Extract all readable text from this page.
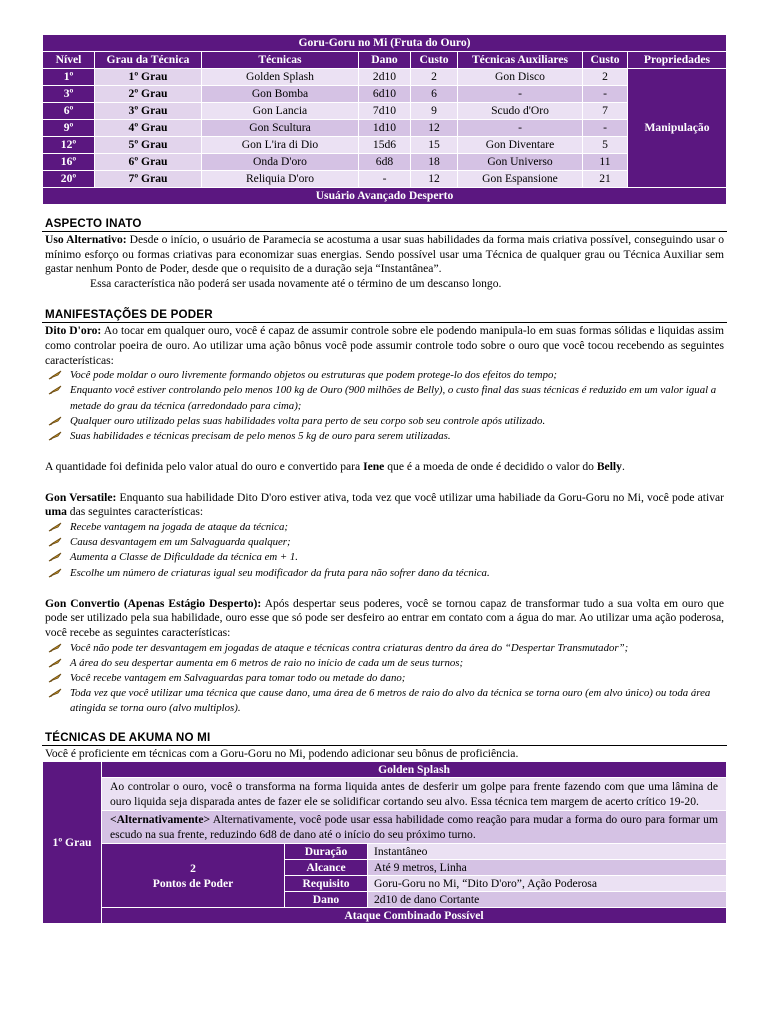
Goru-Goru no Mi (Fruta do Ouro)							
Nível	Grau da Técnica	Técnicas	Dano	Custo	Técnicas Auxiliares	Custo	Propriedades
1º	1º Grau	Golden Splash	2d10	2	Gon Disco	2	Manipulação
3º	2º Grau	Gon Bomba	6d10	6	-	-	
6º	3º Grau	Gon Lancia	7d10	9	Scudo d'Oro	7	
9º	4º Grau	Gon Scultura	1d10	12	-	-	
12º	5º Grau	Gon L'ira di Dio	15d6	15	Gon Diventare	5	
16º	6º Grau	Onda D'oro	6d8	18	Gon Universo	11	
20º	7º Grau	Reliquia D'oro	-	12	Gon Espansione	21	
Usuário Avançado Desperto							
ASPECTO INATO

Uso Alternativo: Desde o início, o usuário de Paramecia se acostuma a usar suas habilidades da forma mais criativa possível, conseguindo usar o mínimo esforço ou formas criativas para economizar suas energias. Sendo possível usar uma Técnica de qualquer grau ou Técnica Auxiliar sem gastar nenhum Ponto de Poder, desde que o requisito de a duração seja “Instantânea”.

Essa característica não poderá ser usada novamente até o término de um descanso longo.

MANIFESTAÇÕES DE PODER

Dito D'oro: Ao tocar em qualquer ouro, você é capaz de assumir controle sobre ele podendo manipula-lo em suas formas sólidas e liquidas assim como controlar poeira de ouro. Ao utilizar uma ação bônus você pode assumir controle todo sobre o ouro que você tocou recebendo as seguintes características:

Você pode moldar o ouro livremente formando objetos ou estruturas que podem protege-lo dos efeitos do tempo;
Enquanto você estiver controlando pelo menos 100 kg de Ouro (900 milhões de Belly), o custo final das suas técnicas é reduzido em um valor igual a metade do grau da técnica (arredondado para cima);
Qualquer ouro utilizado pelas suas habilidades volta para perto de seu corpo sob seu controle após utilizado.
Suas habilidades e técnicas precisam de pelo menos 5 kg de ouro para serem utilizadas.

A quantidade foi definida pelo valor atual do ouro e convertido para Iene que é a moeda de onde é decidido o valor do Belly.

Gon Versatile: Enquanto sua habilidade Dito D'oro estiver ativa, toda vez que você utilizar uma habiliade da Goru-Goru no Mi, você pode ativar uma das seguintes características:

Recebe vantagem na jogada de ataque da técnica;
Causa desvantagem em um Salvaguarda qualquer;
Aumenta a Classe de Dificuldade da técnica em + 1.
Escolhe um número de criaturas igual seu modificador da fruta para não sofrer dano da técnica.

Gon Convertio (Apenas Estágio Desperto): Após despertar seus poderes, você se tornou capaz de transformar tudo a sua volta em ouro que pode ser utilizado pela sua habilidade, ouro esse que só pode ser desfeiro ao entrar em contato com a água do mar. Ao utilizar uma ação poderosa, você recebe as seguintes características:

Você não pode ter desvantagem em jogadas de ataque e técnicas contra criaturas dentro da área do “Despertar Transmutador”;
A área do seu despertar aumenta em 6 metros de raio no início de cada um de seus turnos;
Você recebe vantagem em Salvaguardas para tomar todo ou metade do dano;
Toda vez que você utilizar uma técnica que cause dano, uma área de 6 metros de raio do alvo da técnica se torna ouro (em alvo único) ou toda área atingida se torna ouro (alvo multiplos).
TÉCNICAS DE AKUMA NO MI

Você é proficiente em técnicas com a Goru-Goru no Mi, podendo adicionar seu bônus de proficiência.

1º Grau	Golden Splash		
	Ao controlar o ouro, você o transforma na forma liquida antes de desferir um golpe para frente fazendo com que uma lâmina de ouro liquida seja disparada antes de fazer ele se solidificar cortando seu alvo. Essa técnica tem margem de acerto crítico 19-20.		
	<Alternativamente> Alternativamente, você pode usar essa habilidade como reação para mudar a forma do ouro para formar um escudo na sua frente, reduzindo 6d8 de dano até o início do seu próximo turno.		

	2
Pontos de Poder	Duração	Instantâneo
		Alcance	Até 9 metros, Linha
		Requisito	Goru-Goru no Mi, “Dito D'oro”, Ação Poderosa
		Dano	2d10 de dano Cortante
	Ataque Combinado Possível		
